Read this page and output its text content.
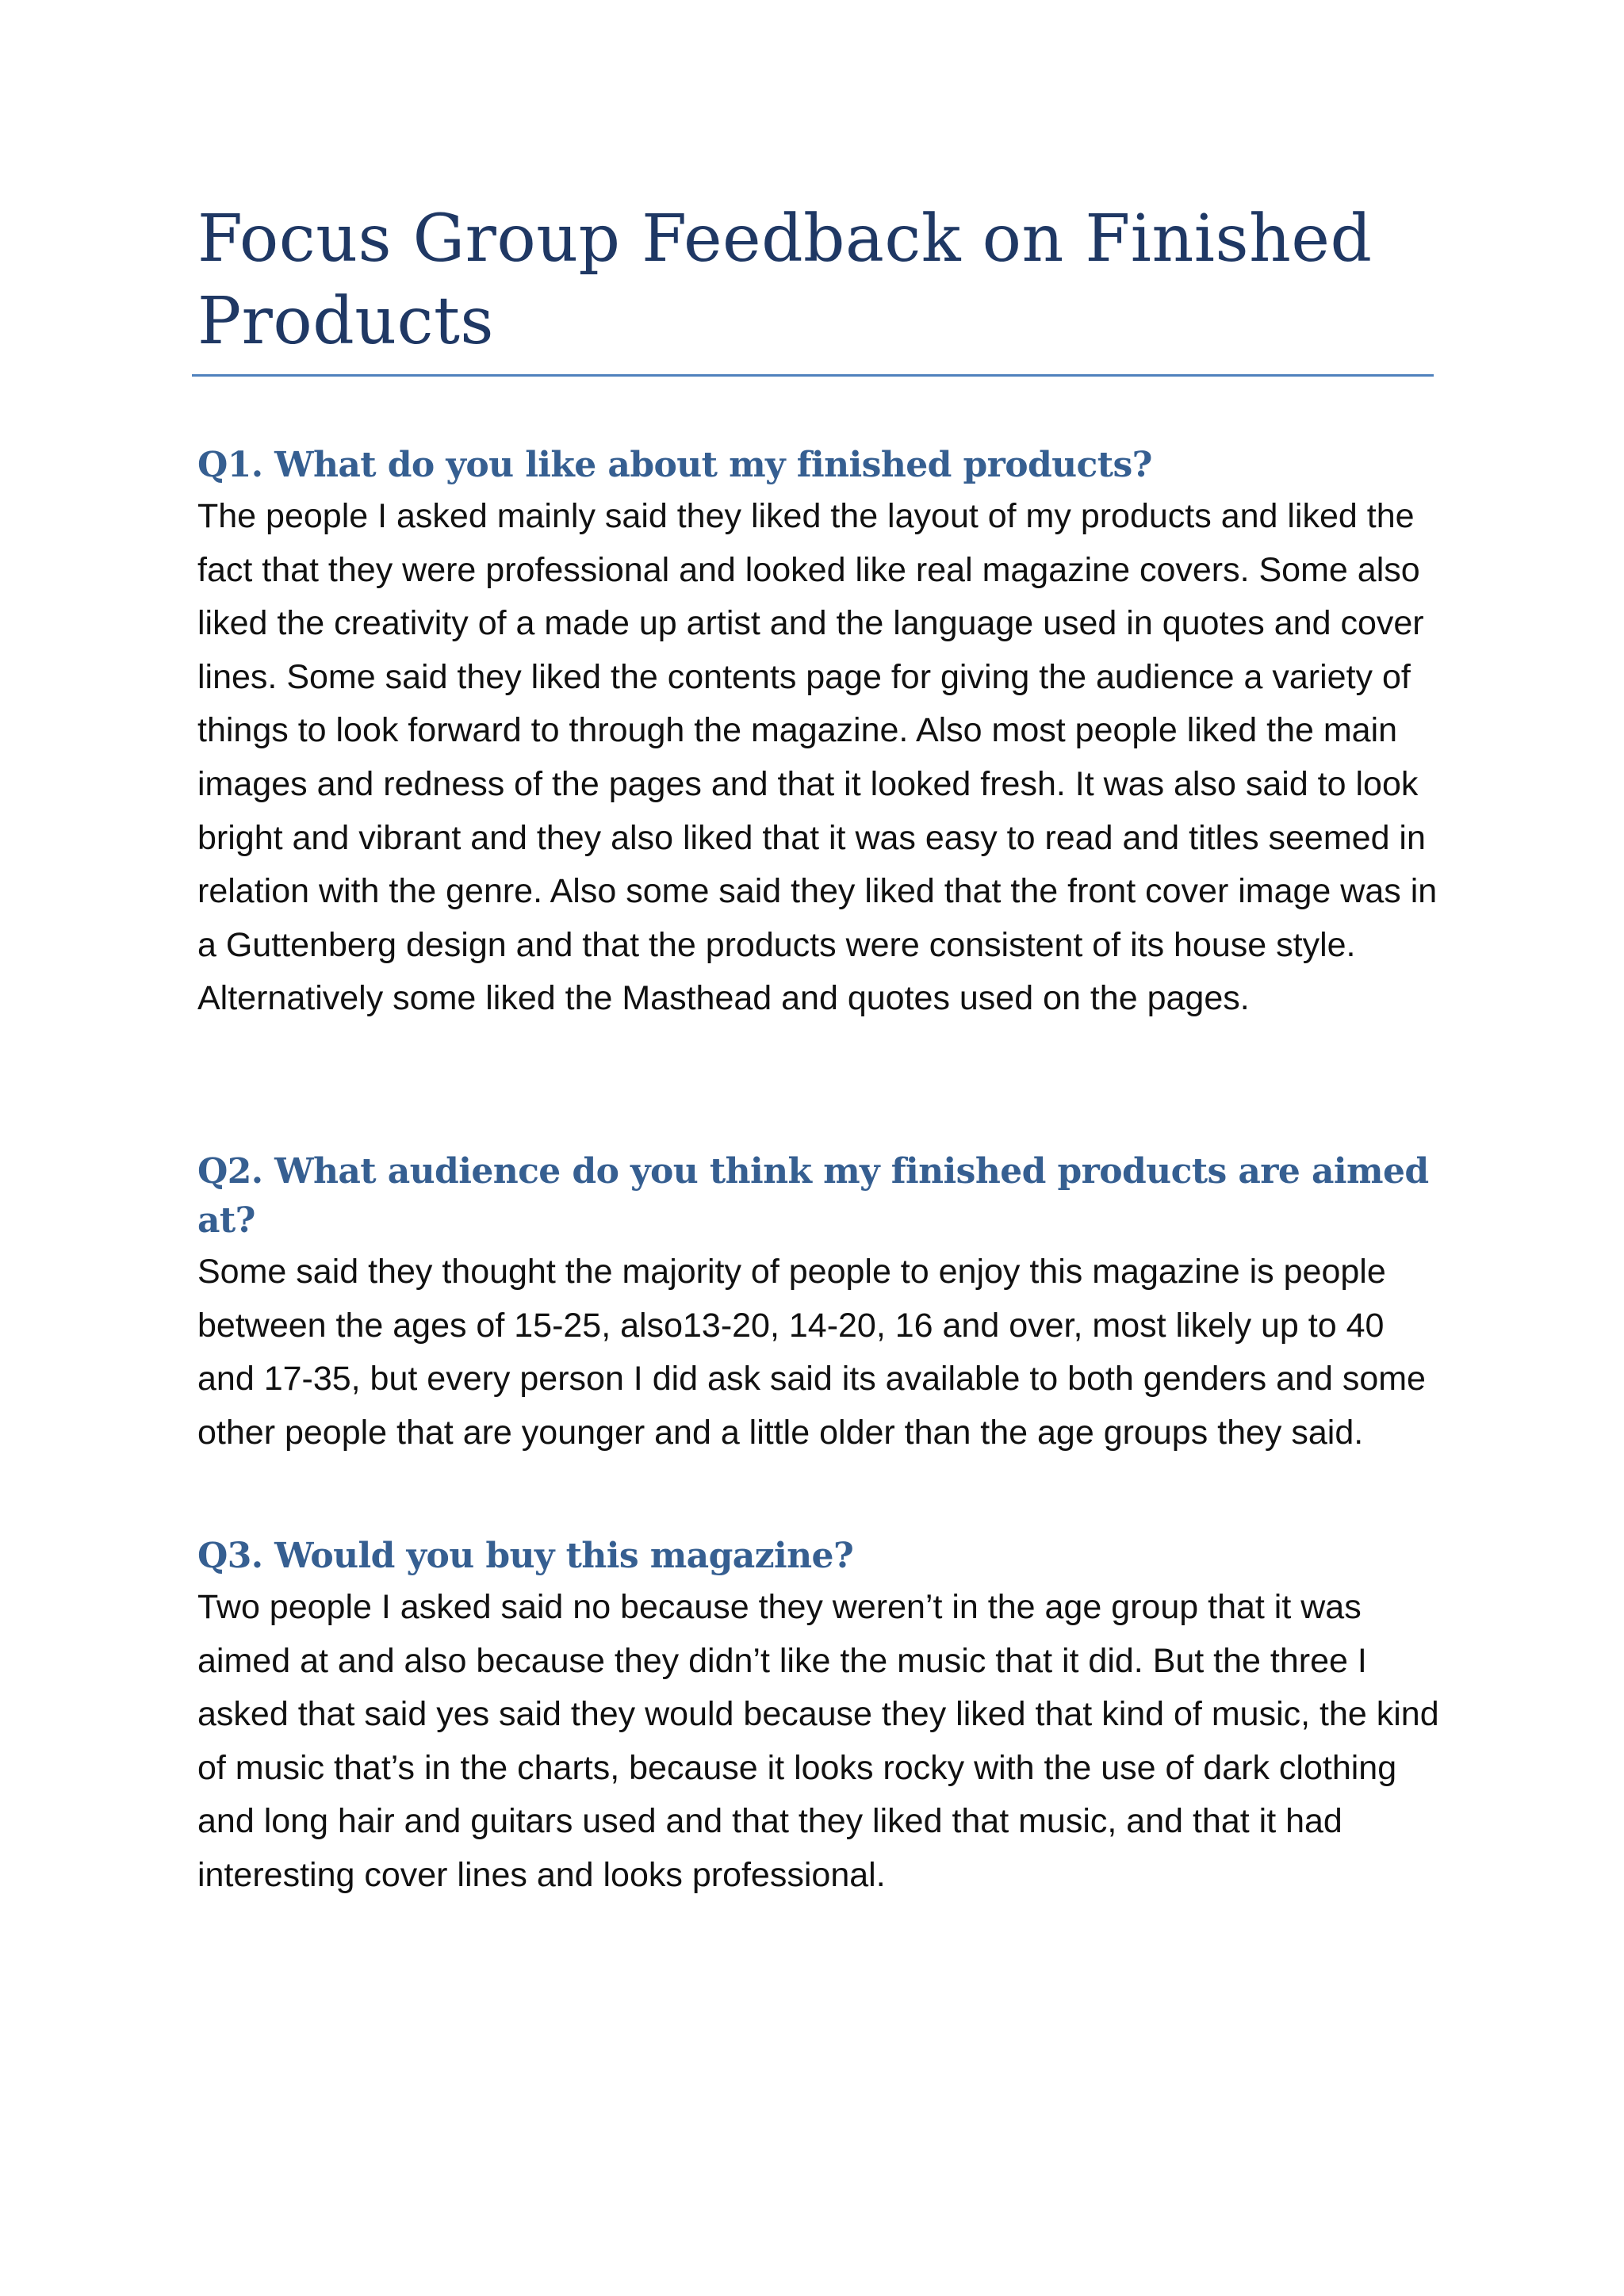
Focus Group Feedback on Finished Products
Q1. What do you like about my finished products?

The people I asked mainly said they liked the layout of my products and liked the fact that they were professional and looked like real magazine covers. Some also liked the creativity of a made up artist and the language used in quotes and cover lines. Some said they liked the contents page for giving the audience a variety of things to look forward to through the magazine. Also most people liked the main images and redness of the pages and that it looked fresh. It was also said to look bright and vibrant and they also liked that it was easy to read and titles seemed in relation with the genre. Also some said they liked that the front cover image was in a Guttenberg design and that the products were consistent of its house style. Alternatively some liked the Masthead and quotes used on the pages.

Q2. What audience do you think my finished products are aimed at?

Some said they thought the majority of people to enjoy this magazine is people between the ages of 15-25, also13-20, 14-20, 16 and over, most likely up to 40 and 17-35, but every person I did ask said its available to both genders and some other people that are younger and a little older than the age groups they said.

Q3. Would you buy this magazine?

Two people I asked said no because they weren’t in the age group that it was aimed at and also because they didn’t like the music that it did. But the three I asked that said yes said they would because they liked that kind of music, the kind of music that’s in the charts, because it looks rocky with the use of dark clothing and long hair and guitars used and that they liked that music, and that it had interesting cover lines and looks professional.
